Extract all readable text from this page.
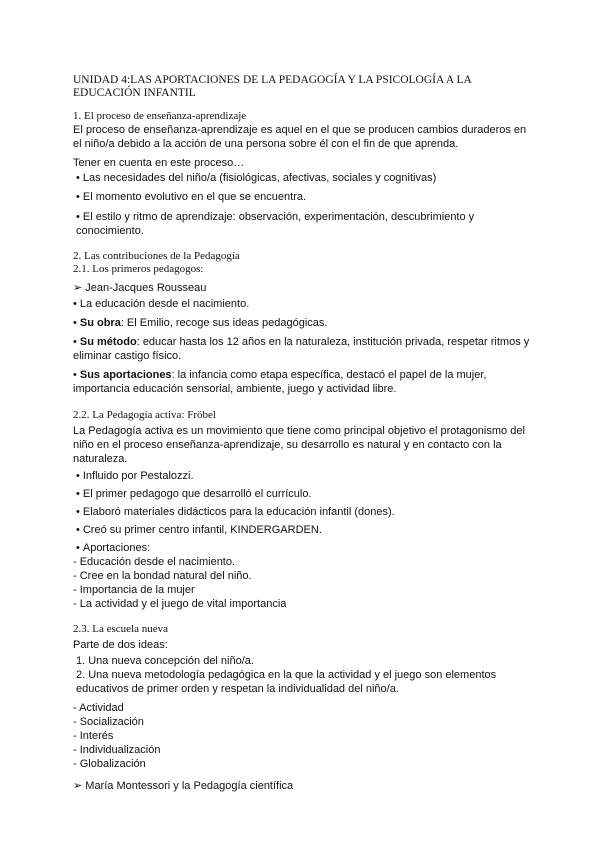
UNIDAD 4:LAS APORTACIONES DE LA PEDAGOGÍA Y LA PSICOLOGÍA A LA EDUCACIÓN INFANTIL
1. El proceso de enseñanza-aprendizaje

El proceso de enseñanza-aprendizaje es aquel en el que se producen cambios duraderos en el niño/a debido a la acción de una persona sobre él con el fin de que aprenda.

Tener en cuenta en este proceso…

• Las necesidades del niño/a (fisiológicas, afectivas, sociales y cognitivas)
• El momento evolutivo en el que se encuentra.
• El estilo y ritmo de aprendizaje: observación, experimentación, descubrimiento y conocimiento.
2. Las contribuciones de la Pedagogía
2.1. Los primeros pedagogos:

➢ Jean-Jacques Rousseau

• La educación desde el nacimiento.
• Su obra: El Emilio, recoge sus ideas pedagógicas.
• Su método: educar hasta los 12 años en la naturaleza, institución privada, respetar ritmos y eliminar castigo físico.
• Sus aportaciones: la infancia como etapa específica, destacó el papel de la mujer, importancia educación sensorial, ambiente, juego y actividad libre.
2.2. La Pedagogía activa: Fröbel

La Pedagogía activa es un movimiento que tiene como principal objetivo el protagonismo del niño en el proceso enseñanza-aprendizaje, su desarrollo es natural y en contacto con la naturaleza.

• Influido por Pestalozzi.
• El primer pedagogo que desarrolló el currículo.
• Elaboró materiales didácticos para la educación infantil (dones).
• Creó su primer centro infantil, KINDERGARDEN.
• Aportaciones:

- Educación desde el nacimiento.

- Cree en la bondad natural del niño.

- Importancia de la mujer

- La actividad y el juego de vital importancia

2.3. La escuela nueva

Parte de dos ideas:

1. Una nueva concepción del niño/a.

2. Una nueva metodología pedagógica en la que la actividad y el juego son elementos educativos de primer orden y respetan la individualidad del niño/a.

- Actividad

- Socialización

- Interés

- Individualización

- Globalización

➢ María Montessori y la Pedagogía científica
